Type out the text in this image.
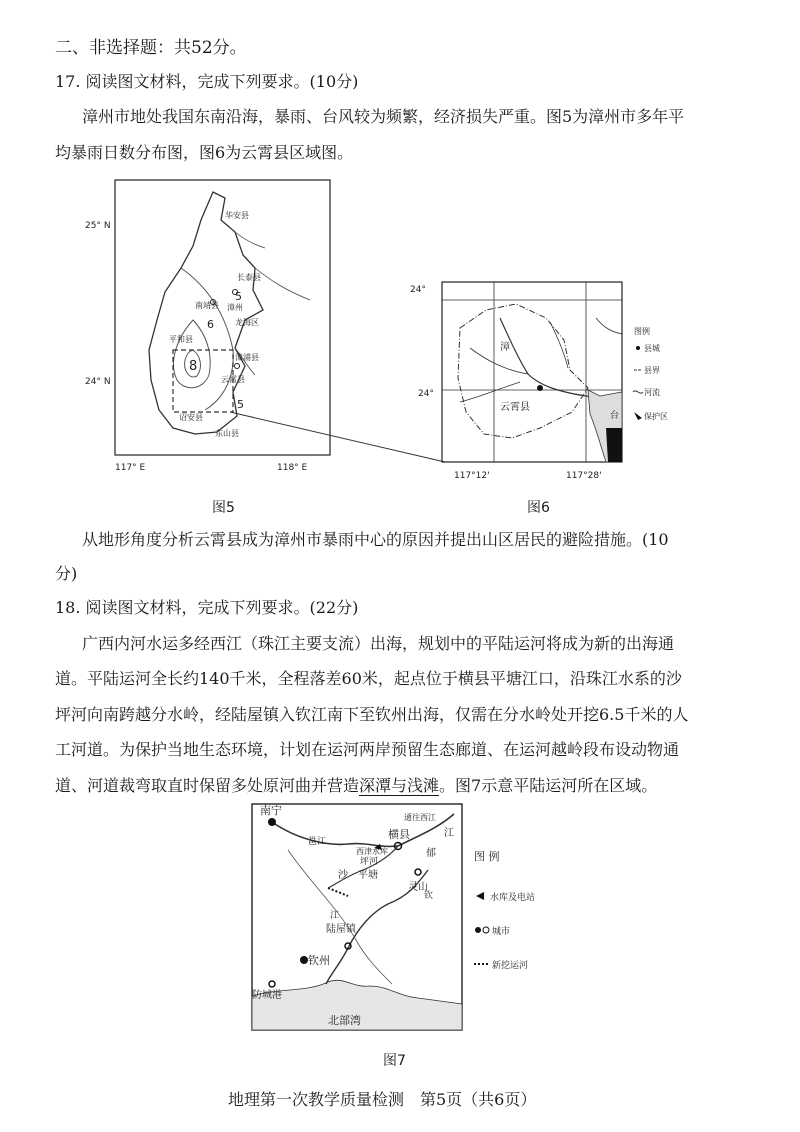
二、非选择题：共52分。
17. 阅读图文材料，完成下列要求。(10分)
漳州市地处我国东南沿海，暴雨、台风较为频繁，经济损失严重。图5为漳州市多年平
均暴雨日数分布图，图6为云霄县区域图。
25° N
24° N
117° E	118° E
华安县
长泰县
南靖县 漳州
龙海区
平和县
漳浦县
云霄县
诏安县
东山县
5
6
8
5
图5
24°
24°
117°12'	117°28'
云霄县
漳
台
图例
县城
县界
河流
保护区
图6
从地形角度分析云霄县成为漳州市暴雨中心的原因并提出山区居民的避险措施。(10
分)
18. 阅读图文材料，完成下列要求。(22分)
广西内河水运多经西江（珠江主要支流）出海，规划中的平陆运河将成为新的出海通
道。平陆运河全长约140千米，全程落差60米，起点位于横县平塘江口，沿珠江水系的沙
坪河向南跨越分水岭，经陆屋镇入钦江南下至钦州出海，仅需在分水岭处开挖6.5千米的人
工河道。为保护当地生态环境，计划在运河两岸预留生态廊道、在运河越岭段布设动物通
道、河道裁弯取直时保留多处原河曲并营造深潭与浅滩。图7示意平陆运河所在区域。
南宁
横县
平塘
灵山
陆屋镇
钦州
防城港
北部湾
邕江
郁
江
沙
坪河
钦
江
西津水库
通往西江
图 例
水库及电站
城市
新挖运河
图7
地理第一次教学质量检测　第5页（共6页）
